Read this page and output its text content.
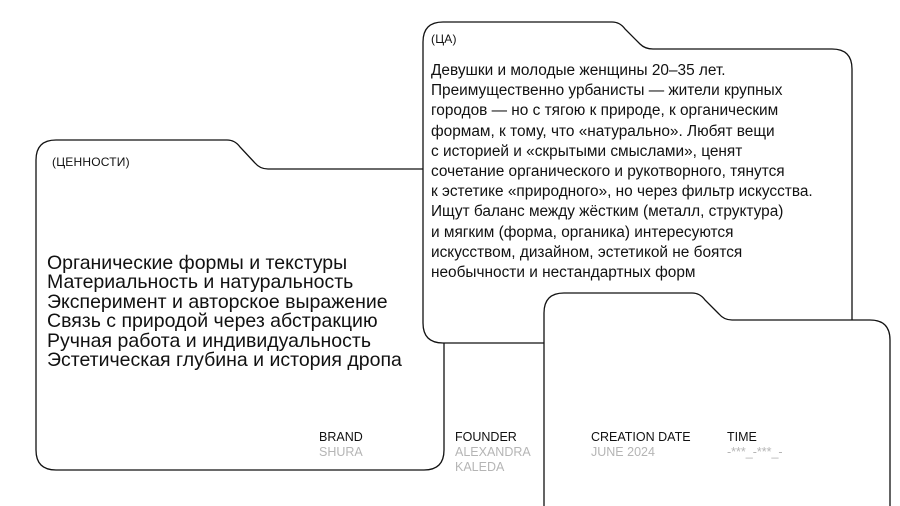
(ЦЕННОСТИ)
Органические формы и текстуры
Материальность и натуральность
Эксперимент и авторское выражение
Связь с природой через абстракцию
Ручная работа и индивидуальность
Эстетическая глубина и история дропа
(ЦА)
Девушки и молодые женщины 20–35 лет.
Преимущественно урбанисты — жители крупных
городов — но с тягою к природе, к органическим
формам, к тому, что «натурально». Любят вещи
с историей и «скрытыми смыслами», ценят
сочетание органического и рукотворного, тянутся
к эстетике «природного», но через фильтр искусства.
Ищут баланс между жёстким (металл, структура)
и мягким (форма, органика) интересуются
искусством, дизайном, эстетикой не боятся
необычности и нестандартных форм
BRAND
SHURA
FOUNDER
ALEXANDRA
KALEDA
CREATION DATE
JUNE 2024
TIME
-***_-***_-
